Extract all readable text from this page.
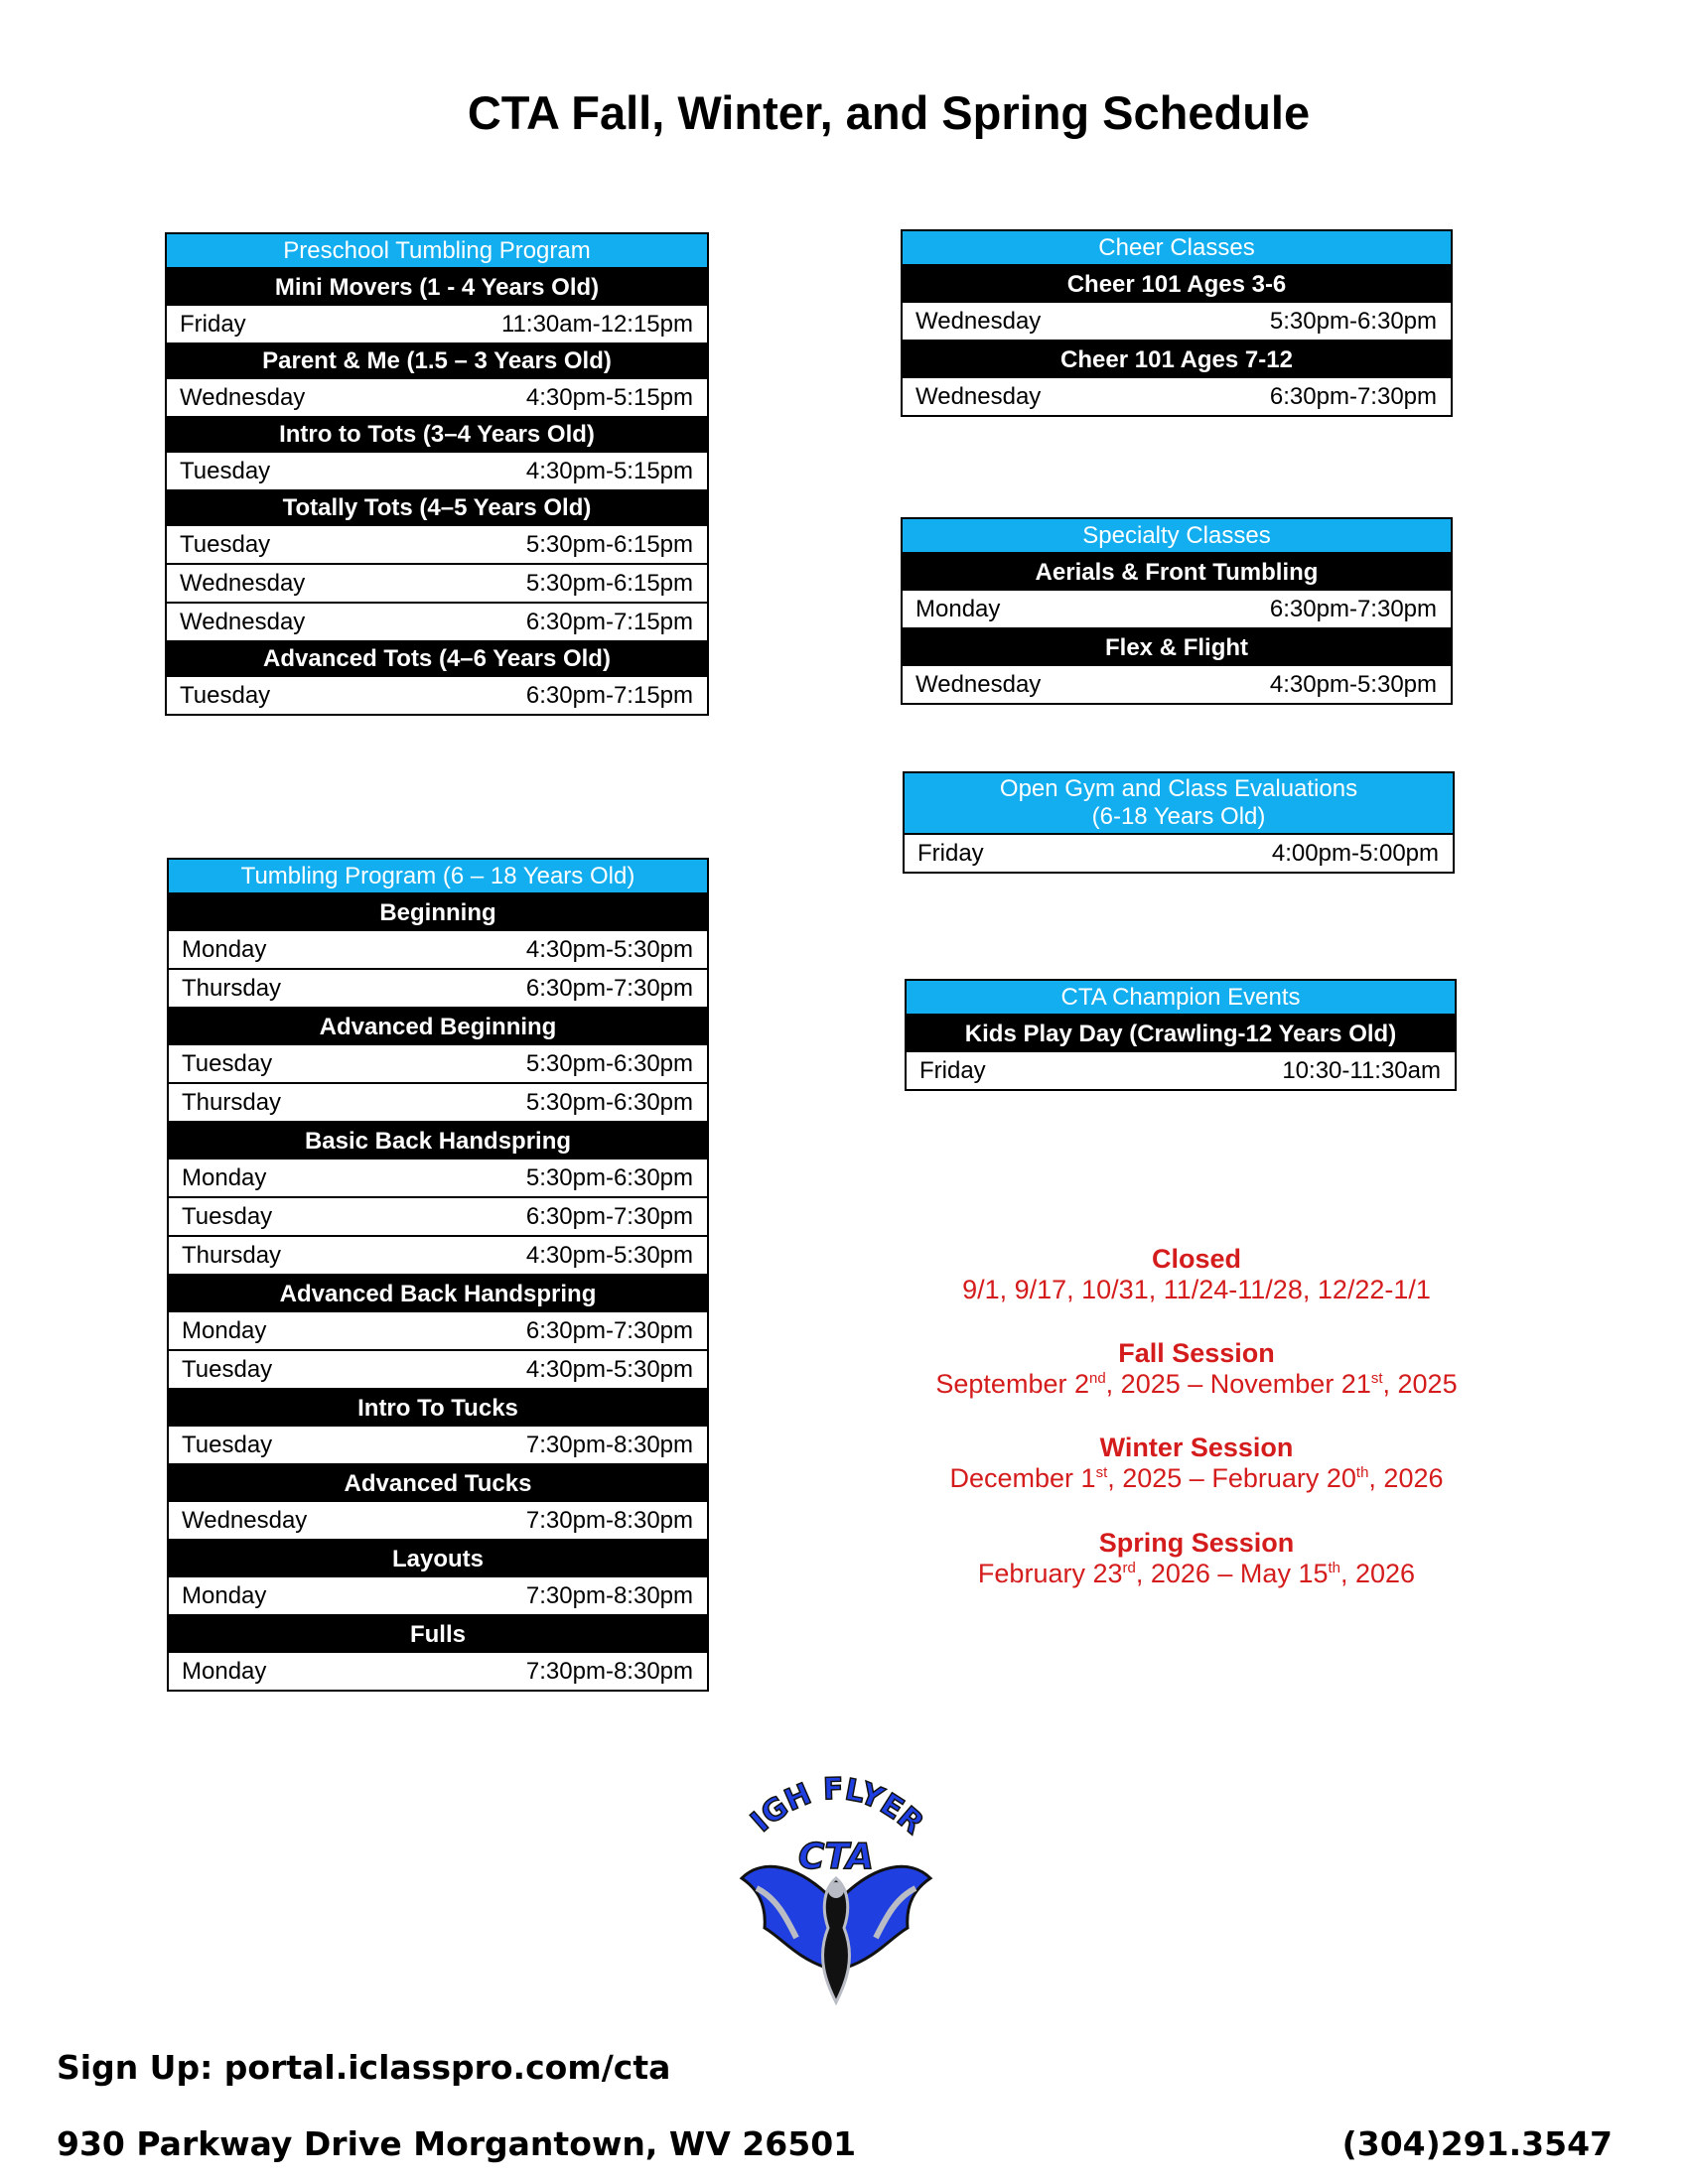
CTA Fall, Winter, and Spring Schedule
Preschool Tumbling Program
Mini Movers (1 - 4 Years Old)
Friday	11:30am-12:15pm
Parent & Me (1.5 – 3 Years Old)
Wednesday	4:30pm-5:15pm
Intro to Tots (3–4 Years Old)
Tuesday	4:30pm-5:15pm
Totally Tots (4–5 Years Old)
Tuesday	5:30pm-6:15pm
Wednesday	5:30pm-6:15pm
Wednesday	6:30pm-7:15pm
Advanced Tots (4–6 Years Old)
Tuesday	6:30pm-7:15pm
Tumbling Program (6 – 18 Years Old)
Beginning
Monday	4:30pm-5:30pm
Thursday	6:30pm-7:30pm
Advanced Beginning
Tuesday	5:30pm-6:30pm
Thursday	5:30pm-6:30pm
Basic Back Handspring
Monday	5:30pm-6:30pm
Tuesday	6:30pm-7:30pm
Thursday	4:30pm-5:30pm
Advanced Back Handspring
Monday	6:30pm-7:30pm
Tuesday	4:30pm-5:30pm
Intro To Tucks
Tuesday	7:30pm-8:30pm
Advanced Tucks
Wednesday	7:30pm-8:30pm
Layouts
Monday	7:30pm-8:30pm
Fulls
Monday	7:30pm-8:30pm
Cheer Classes
Cheer 101 Ages 3-6
Wednesday	5:30pm-6:30pm
Cheer 101 Ages 7-12
Wednesday	6:30pm-7:30pm
Specialty Classes
Aerials & Front Tumbling
Monday	6:30pm-7:30pm
Flex & Flight
Wednesday	4:30pm-5:30pm
Open Gym and Class Evaluations
(6-18 Years Old)
Friday	4:00pm-5:00pm
CTA Champion Events
Kids Play Day (Crawling-12 Years Old)
Friday	10:30-11:30am
Closed
9/1, 9/17, 10/31, 11/24-11/28, 12/22-1/1
Fall Session
September 2nd, 2025 – November 21st, 2025
Winter Session
December 1st, 2025 – February 20th, 2026
Spring Session
February 23rd, 2026 – May 15th, 2026
IGH FLYER
CTA
Sign Up: portal.iclasspro.com/cta
930 Parkway Drive Morgantown, WV 26501	(304)291.3547
